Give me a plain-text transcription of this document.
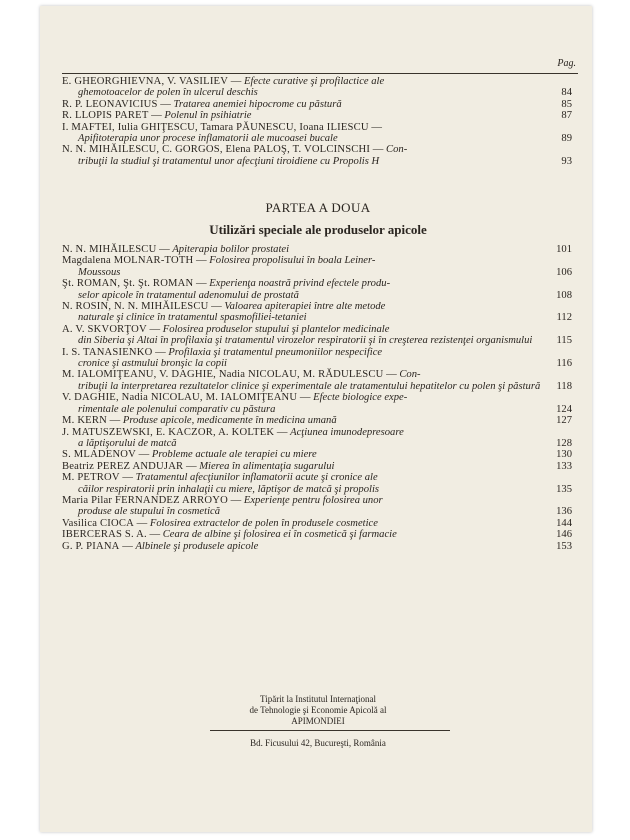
Pag.

E. GHEORGHIEVNA, V. VASILIEV — Efecte curative şi profilactice ale
ghemotoacelor de polen în ulcerul deschis	84

R. P. LEONAVICIUS — Tratarea anemiei hipocrome cu păstură	85

R. LLOPIS PARET — Polenul în psihiatrie	87

I. MAFTEI, Iulia GHIŢESCU, Tamara PĂUNESCU, Ioana ILIESCU —
Apifitoterapia unor procese inflamatorii ale mucoasei bucale	89

N. N. MIHĂILESCU, C. GORGOS, Elena PALOŞ, T. VOLCINSCHI — Con-
tribuţii la studiul şi tratamentul unor afecţiuni tiroidiene cu Propolis H	93

PARTEA A DOUA
Utilizări speciale ale produselor apicole

N. N. MIHĂILESCU — Apiterapia bolilor prostatei	101

Magdalena MOLNAR-TOTH — Folosirea propolisului în boala Leiner-
Moussous	106

Şt. ROMAN, Şt. Şt. ROMAN — Experienţa noastră privind efectele produ-
selor apicole în tratamentul adenomului de prostată	108

N. ROSIN, N. N. MIHĂILESCU — Valoarea apiterapiei între alte metode
naturale şi clinice în tratamentul spasmofiliei-tetaniei	112

A. V. SKVORŢOV — Folosirea produselor stupului şi plantelor medicinale
din Siberia şi Altai în profilaxia şi tratamentul virozelor respiratorii şi în creşterea rezistenţei organismului	115

I. S. TANASIENKO — Profilaxia şi tratamentul pneumoniilor nespecifice
cronice şi astmului bronşic la copii	116

M. IALOMIŢEANU, V. DAGHIE, Nadia NICOLAU, M. RĂDULESCU — Con-
tribuţii la interpretarea rezultatelor clinice şi experimentale ale tratamentului hepatitelor cu polen şi păstură	118

V. DAGHIE, Nadia NICOLAU, M. IALOMIŢEANU — Efecte biologice expe-
rimentale ale polenului comparativ cu păstura	124

M. KERN — Produse apicole, medicamente în medicina umană	127

J. MATUSZEWSKI, E. KACZOR, A. KOLTEK — Acţiunea imunodepresoare
a lăptişorului de matcă	128

S. MLADENOV — Probleme actuale ale terapiei cu miere	130

Beatriz PEREZ ANDUJAR — Mierea în alimentaţia sugarului	133

M. PETROV — Tratamentul afecţiunilor inflamatorii acute şi cronice ale
căilor respiratorii prin inhalaţii cu miere, lăptişor de matcă şi propolis	135

Maria Pilar FERNANDEZ ARROYO — Experienţe pentru folosirea unor
produse ale stupului în cosmetică	136

Vasilica CIOCA — Folosirea extractelor de polen în produsele cosmetice	144

IBERCERAS S. A. — Ceara de albine şi folosirea ei în cosmetică şi farmacie	146

G. P. PIANA — Albinele şi produsele apicole	153

Tipărit la Institutul Internaţional
de Tehnologie şi Economie Apicolă al
APIMONDIEI
Bd. Ficusului 42, Bucureşti, România
